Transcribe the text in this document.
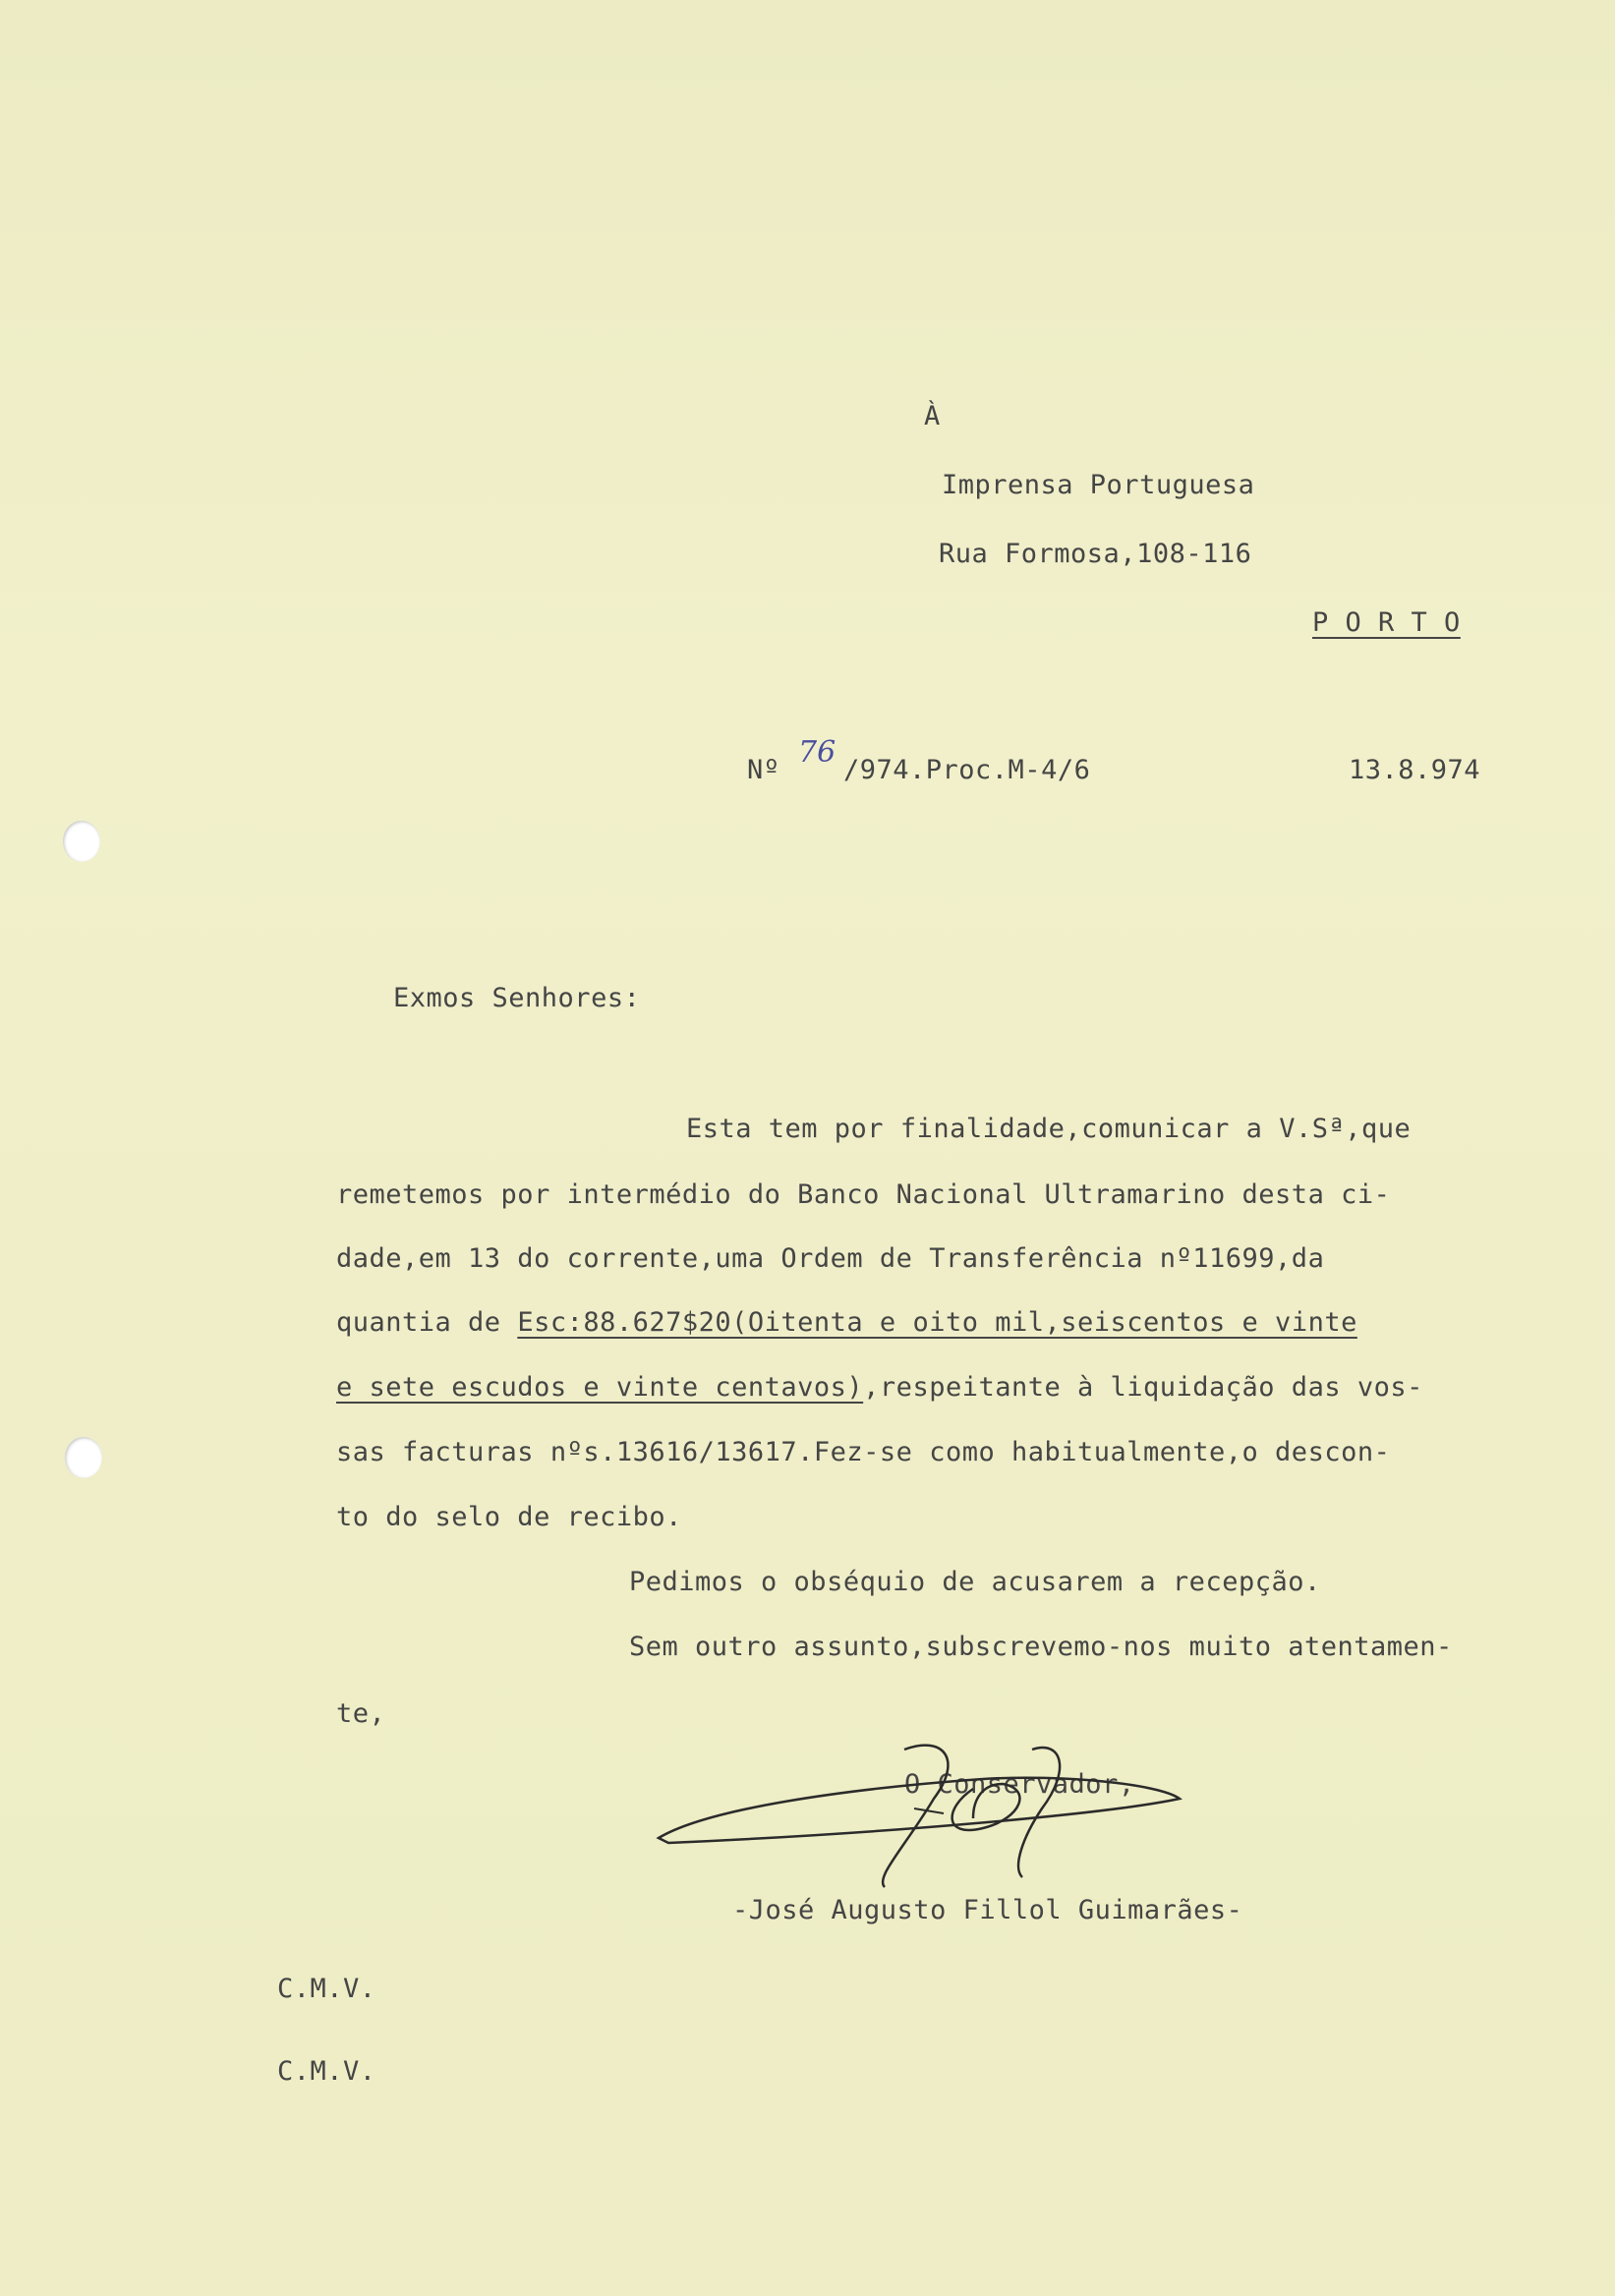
À
Imprensa Portuguesa
Rua Formosa,108-116
P O R T O
Nº
76
/974.Proc.M-4/6	13.8.974
Exmos Senhores:
Esta tem por finalidade,comunicar a V.Sª,que
remetemos por intermédio do Banco Nacional Ultramarino desta ci-
dade,em 13 do corrente,uma Ordem de Transferência nº11699,da
quantia de Esc:88.627$20(Oitenta e oito mil,seiscentos e vinte
e sete escudos e vinte centavos),respeitante à liquidação das vos-
sas facturas nºs.13616/13617.Fez-se como habitualmente,o descon-
to do selo de recibo.
Pedimos o obséquio de acusarem a recepção.
Sem outro assunto,subscrevemo-nos muito atentamen-
te,
O Conservador,
-José Augusto Fillol Guimarães-
C.M.V.
C.M.V.
